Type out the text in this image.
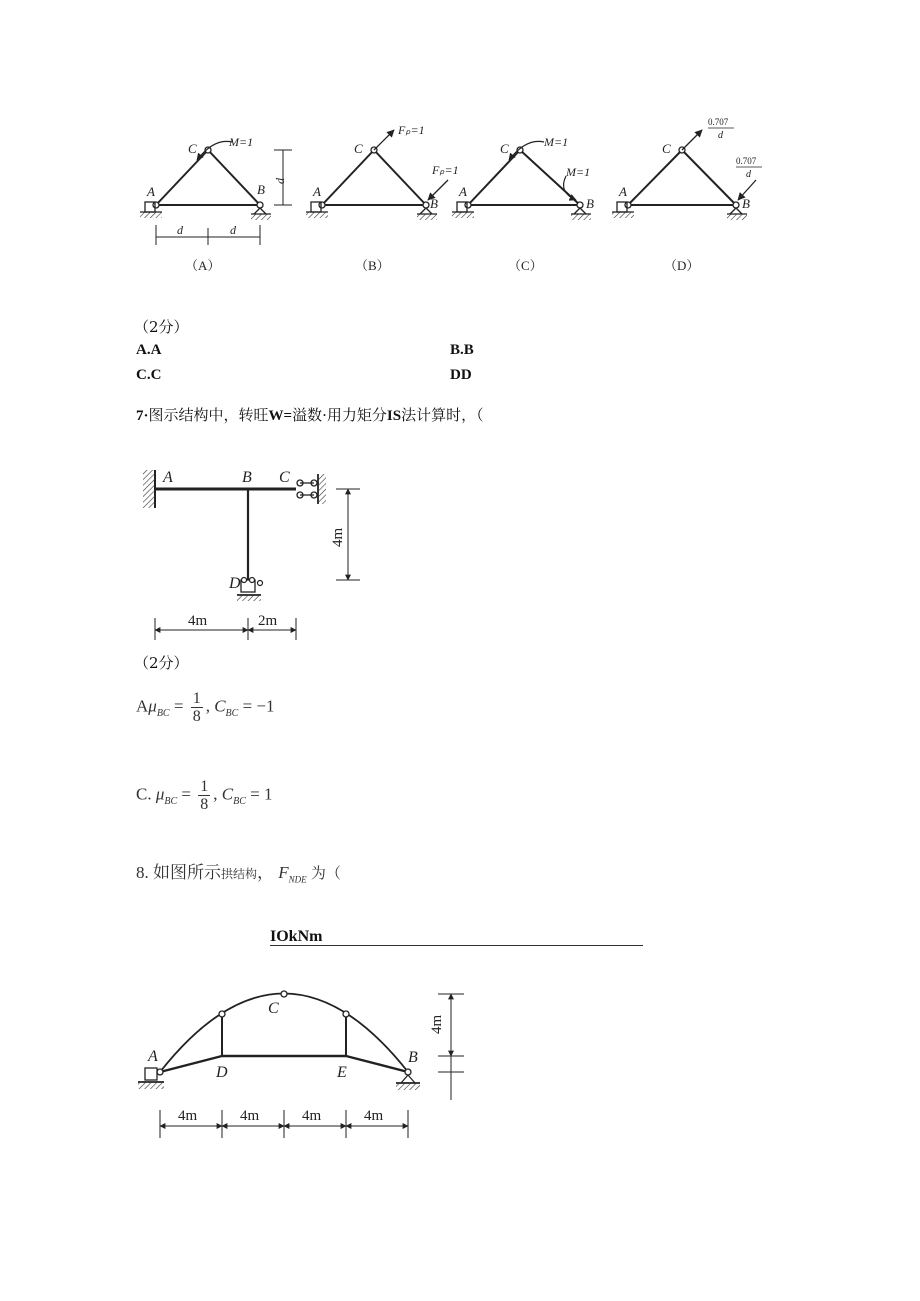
C	M=1
A	B
d
d	d
（A）
C
Fₚ=1
Fₚ=1
A
B
（B）
C	M=1
M=1
A
B
（C）
C
0.707
d
0.707
d
A
B
（D）
（2分）
A.A	B.B
C.C	DD
7·图示结构中，转旺W=溢数·用力矩分IS法计算时，（
A	B C
D
4m
4m	2m
（2分）
$A\mu_{BC} = \frac{1}{8}$ , $C_{BC} = -1$
C. $\mu_{BC} = \frac{1}{8}$ , $C_{BC} = 1$
8. 如图所示拱结构， $F_{NDE}$ 为（
IOkNm
A	B
C
D	E
4m
4m	4m	4m	4m
